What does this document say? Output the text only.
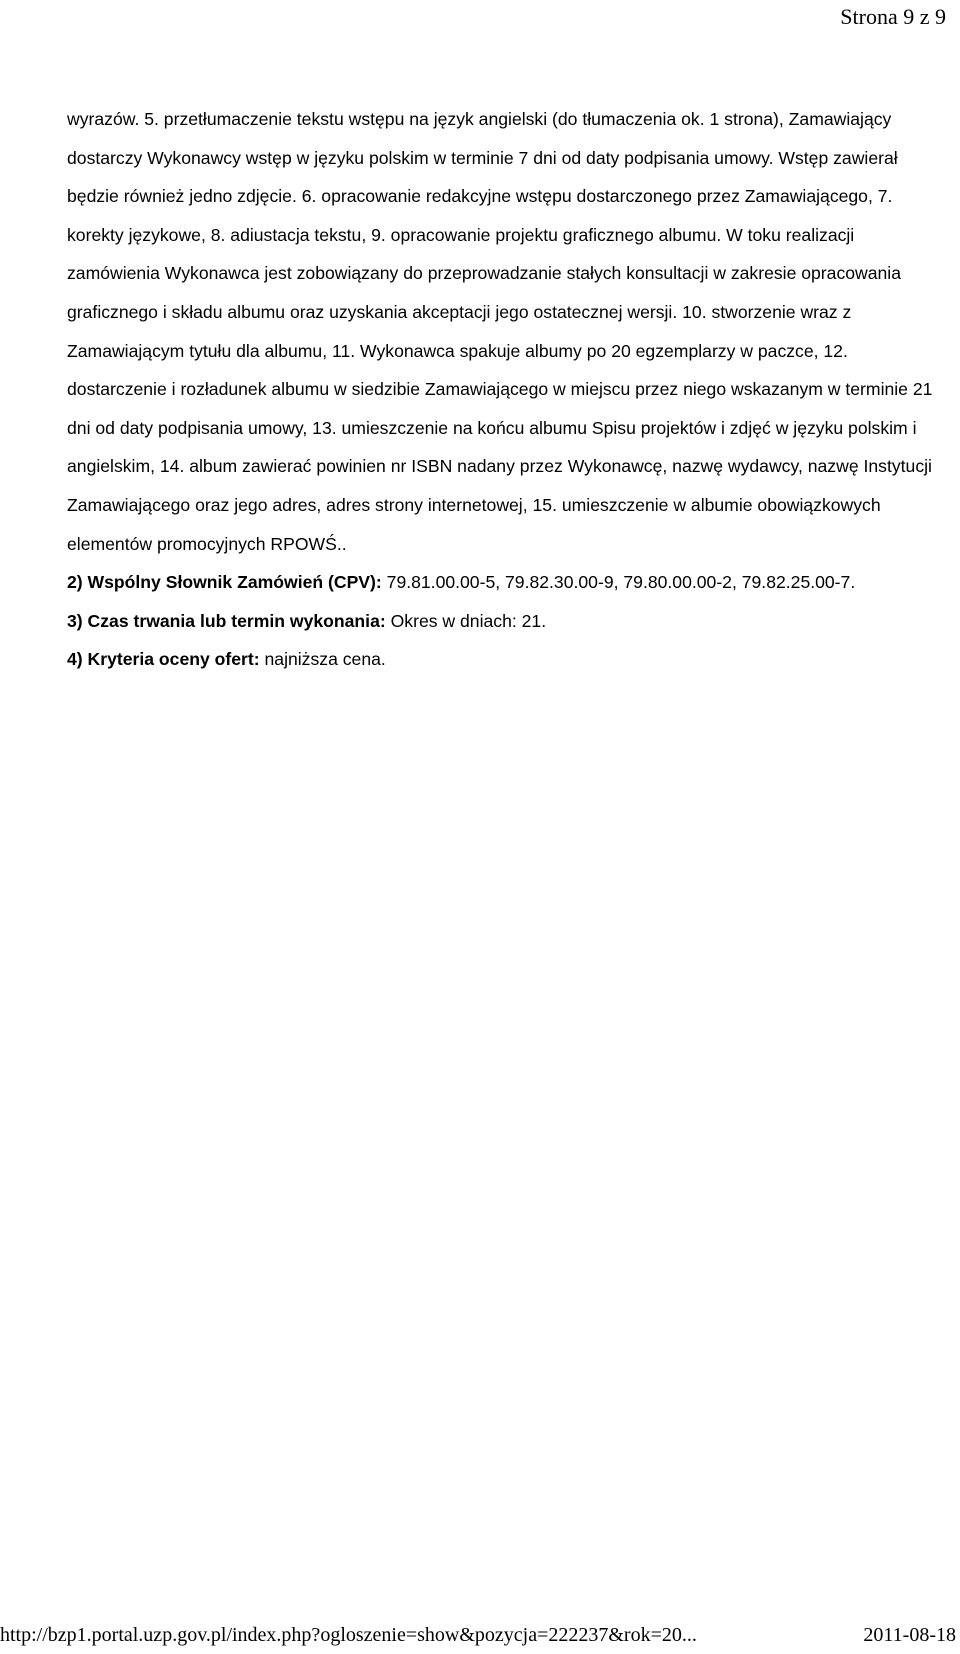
Strona 9 z 9

wyrazów. 5. przetłumaczenie tekstu wstępu na język angielski (do tłumaczenia ok. 1 strona), Zamawiający dostarczy Wykonawcy wstęp w języku polskim w terminie 7 dni od daty podpisania umowy. Wstęp zawierał będzie również jedno zdjęcie. 6. opracowanie redakcyjne wstępu dostarczonego przez Zamawiającego, 7. korekty językowe, 8. adiustacja tekstu, 9. opracowanie projektu graficznego albumu. W toku realizacji zamówienia Wykonawca jest zobowiązany do przeprowadzanie stałych konsultacji w zakresie opracowania graficznego i składu albumu oraz uzyskania akceptacji jego ostatecznej wersji. 10. stworzenie wraz z Zamawiającym tytułu dla albumu, 11. Wykonawca spakuje albumy po 20 egzemplarzy w paczce, 12. dostarczenie i rozładunek albumu w siedzibie Zamawiającego w miejscu przez niego wskazanym w terminie 21 dni od daty podpisania umowy, 13. umieszczenie na końcu albumu Spisu projektów i zdjęć w języku polskim i angielskim, 14. album zawierać powinien nr ISBN nadany przez Wykonawcę, nazwę wydawcy, nazwę Instytucji Zamawiającego oraz jego adres, adres strony internetowej, 15. umieszczenie w albumie obowiązkowych elementów promocyjnych RPOWŚ..

2) Wspólny Słownik Zamówień (CPV): 79.81.00.00-5, 79.82.30.00-9, 79.80.00.00-2, 79.82.25.00-7.

3) Czas trwania lub termin wykonania: Okres w dniach: 21.

4) Kryteria oceny ofert: najniższa cena.

http://bzp1.portal.uzp.gov.pl/index.php?ogloszenie=show&pozycja=222237&rok=20...	2011-08-18
